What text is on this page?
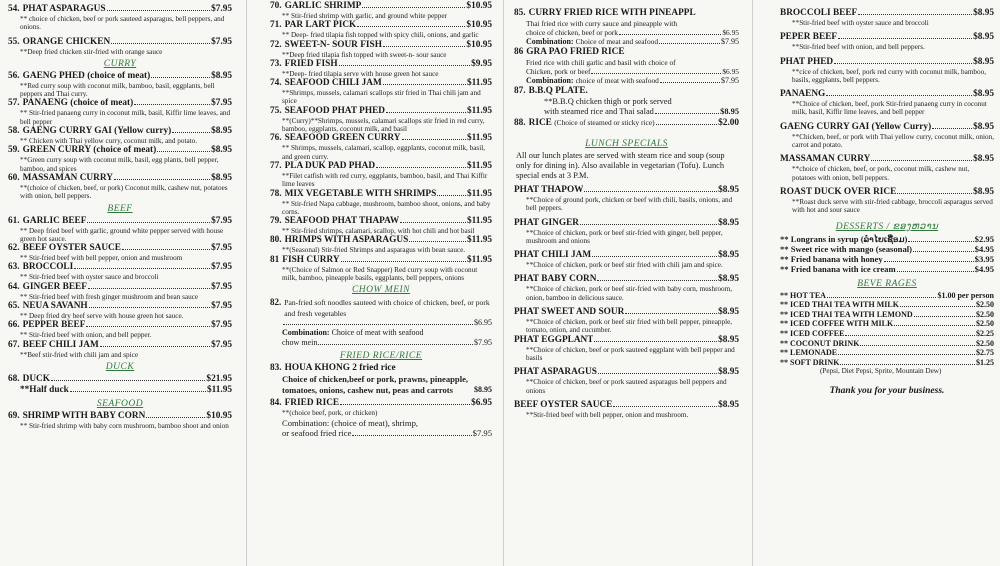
54. PHAT ASPARAGUS	$7.95
** choice of chicken, beef or pork sauteed asparagus, bell peppers, and onions.
55. ORANGE CHICKEN	$7.95
**Deep fried chicken stir-fried with orange sauce
CURRY
56. GAENG PHED (choice of meat)	$8.95
**Red curry soup with coconut milk, bamboo, basil, eggplants, bell peppers and Thai curry.
57. PANAENG (choice of meat)	$7.95
** Stir-fried panaeng curry in coconut milk, basil, Kiffir lime leaves, and bell pepper
58. GAENG CURRY GAI (Yellow curry)	$8.95
** Chicken with Thai yellow curry, coconut milk, and potato.
59. GREEN CURRY (choice of meat)	$8.95
**Green curry soup with coconut milk, basil, egg plants, bell pepper, bamboo, and spices
60. MASSAMAN CURRY	$8.95
**(choice of chicken, beef, or pork) Coconut milk, cashew nut, potatoes with onion, bell peppers.
BEEF
61. GARLIC BEEF	$7.95
** Deep fried beef with garlic, ground white pepper served with house green hot sauce.
62. BEEF OYSTER SAUCE	$7.95
** Stir-fried beef with bell pepper, onion and mushroom
63. BROCCOLI	$7.95
** Stir-fried beef with oyster sauce and broccoli
64. GINGER BEEF	$7.95
** Stir-fried beef with fresh ginger mushroom and bean sauce
65. NEUA SAVANH	$7.95
** Deep fried dry beef serve with house green hot sauce.
66. PEPPER BEEF	$7.95
** Stir-fried beef with onion, and bell pepper.
67. BEEF CHILI JAM	$7.95
**Beef stir-fried with chili jam and spice
DUCK
68. DUCK	$21.95
**Half duck	$11.95
SEAFOOD
69. SHRIMP WITH BABY CORN	$10.95
** Stir-fried shrimp with baby corn mushroom, bamboo shoot and onion
70. GARLIC SHRIMP	$10.95
** Stir-fried shrimp with garlic, and ground white pepper
71. PAR LART PICK	$10.95
** Deep- fried tilapia fish topped with spicy chili, onions, and garlic
72. SWEET-N- SOUR FISH	$10.95
**Deep fried tilapia fish topped with sweet-n- sour sauce
73. FRIED FISH	$9.95
**Deep- fried tilapia serve with house green hot sauce
74. SEAFOOD CHILI JAM	$11.95
**Shrimps, mussels, calamari scallops stir fried in Thai chili jam and spice
75. SEAFOOD PHAT PHED	$11.95
**(Curry)**Shrimps, mussels, calamari scallops stir fried in red curry, bamboo, eggplants, coconut milk, and basil
76. SEAFOOD GREEN CURRY	$11.95
** Shrimps, mussels, calamari, scallop, eggplants, coconut milk, basil, and green curry.
77. PLA DUK PAD PHAD	$11.95
**Filet catfish with red curry, eggplants, bamboo, basil, and Thai Kiffir lime leaves
78. MIX VEGETABLE WITH SHRIMPS	$11.95
** Stir-fried Napa cabbage, mushroom, bamboo shoot, onions, and baby corns.
79. SEAFOOD PHAT THAPAW	$11.95
** Stir-fried shrimps, calamari, scallop, with hot chili and hot basil
80. HRIMPS WITH ASPARAGUS	$11.95
**(Seasonal) Stir-fried Shrimps and asparagus with bean sauce.
81 FISH CURRY	$11.95
**(Choice of Salmon or Red Snapper) Red curry soup with coconut milk, bamboo, pineapple basils, eggplants, bell peppers, onions
CHOW MEIN
82. Pan-fried soft noodles sauteed with choice of chicken, beef, or pork and fresh vegetables
$6.95
Combination:
Choice of meat with seafood
chow mein	$7.95
FRIED RICE/RICE
83. HOUA KHONG 2 fried rice
Choice of chicken,beef or pork, prawns, pineapple, tomatoes, onions, cashew nut, peas and carrots	$8.95
84. FRIED RICE	$6.95
**(choice beef, pork, or chicken)
Combination: (choice of meat), shrimp,
or seafood fried rice	$7.95
85. CURRY FRIED RICE WITH PINEAPPL
Thai fried rice with curry sauce and pineapple with
choice of chicken, beef or pork	$6.95
Combination:
Choice of meat and seafood	$7.95
86 GRA PAO FRIED RICE
Fried rice with chili garlic and basil with choice of
Chicken, pork or beef	$6.95
Combination:
choice of meat with seafood	$7.95
87. B.B.Q PLATE.
**B.B.Q chicken thigh or pork served
with steamed rice and Thai salad	$8.95
88. RICE
(Choice of steamed or sticky rice)	$2.00
LUNCH SPECIALS
All our lunch plates are served with steam rice and soup (soup only for dining in). Also available in vegetarian (Tofu). Lunch special ends at 3 P.M.
PHAT THAPOW	$8.95
**Choice of ground pork, chicken or beef with chili, basils, onions, and bell peppers.
PHAT GINGER	$8.95
**Choice of chicken, pork or beef stir-fried with ginger, bell pepper, mushroom and onions
PHAT CHILI JAM	$8.95
**Choice of chicken, pork or beef stir fried with chili jam and spice.
PHAT BABY CORN	$8.95
**Choice of chicken, pork or beef stir-fried with baby corn, mushroom, onion, bamboo in delicious sauce.
PHAT SWEET AND SOUR	$8.95
**Choice of chicken, pork or beef stir fried with bell pepper, pineapple, tomato, onion, and cucumber.
PHAT EGGPLANT	$8.95
**Choice of chicken, beef or pork sauteed eggplant with bell pepper and basils
PHAT ASPARAGUS	$8.95
**Choice of chicken, beef or pork sauteed asparagus bell peppers and onions
BEEF OYSTER SAUCE	$8.95
**Stir-fried beef with bell pepper, onion and mushroom.
BROCCOLI BEEF	$8.95
**Stir-fried beef with oyster sauce and broccoli
PEPER BEEF	$8.95
**Stir-fried beef with onion, and bell peppers.
PHAT PHED	$8.95
**cice of chicken, beef, pork red curry with coconut milk, bamboo, basils, eggplants, bell peppers.
PANAENG	$8.95
**Choice of chicken, beef, pork Stir-fried panaeng curry in coconut milk, basil, Kiffir lime leaves, and bell pepper
GAENG CURRY GAI (Yellow Curry)	$8.95
**Chicken, beef, or pork with Thai yellow curry, coconut milk, onion, carrot and potato.
MASSAMAN CURRY	$8.95
**choice of chicken, beef, or pork, coconut milk, cashew nut, potatoes with onion, bell peppers.
ROAST DUCK OVER RICE	$8.95
**Roast duck serve with stir-fried cabbage, broccoli asparagus served with hot and sour sauce
DESSERTS / ຂອງຫວານ
** Longrans in syrup (ລຳໄຍເຊື່ອມ)	$2.95
** Sweet rice with mango (seasonal)	$4.95
** Fried banana with honey	$3.95
** Fried banana with ice cream	$4.95
BEVE RAGES
** HOT TEA	$1.00 per person
** ICED THAI TEA WITH MILK	$2.50
** ICED THAI TEA WITH LEMOND	$2.50
** ICED COFFEE WITH MILK	$2.50
** ICED COFFEE	$2.25
** COCONUT DRINK	$2.50
** LEMONADE	$2.75
** SOFT DRINK	$1.25
(Pepsi, Diet Pepsi, Sprite, Mountain Dew)
Thank you for your business.
